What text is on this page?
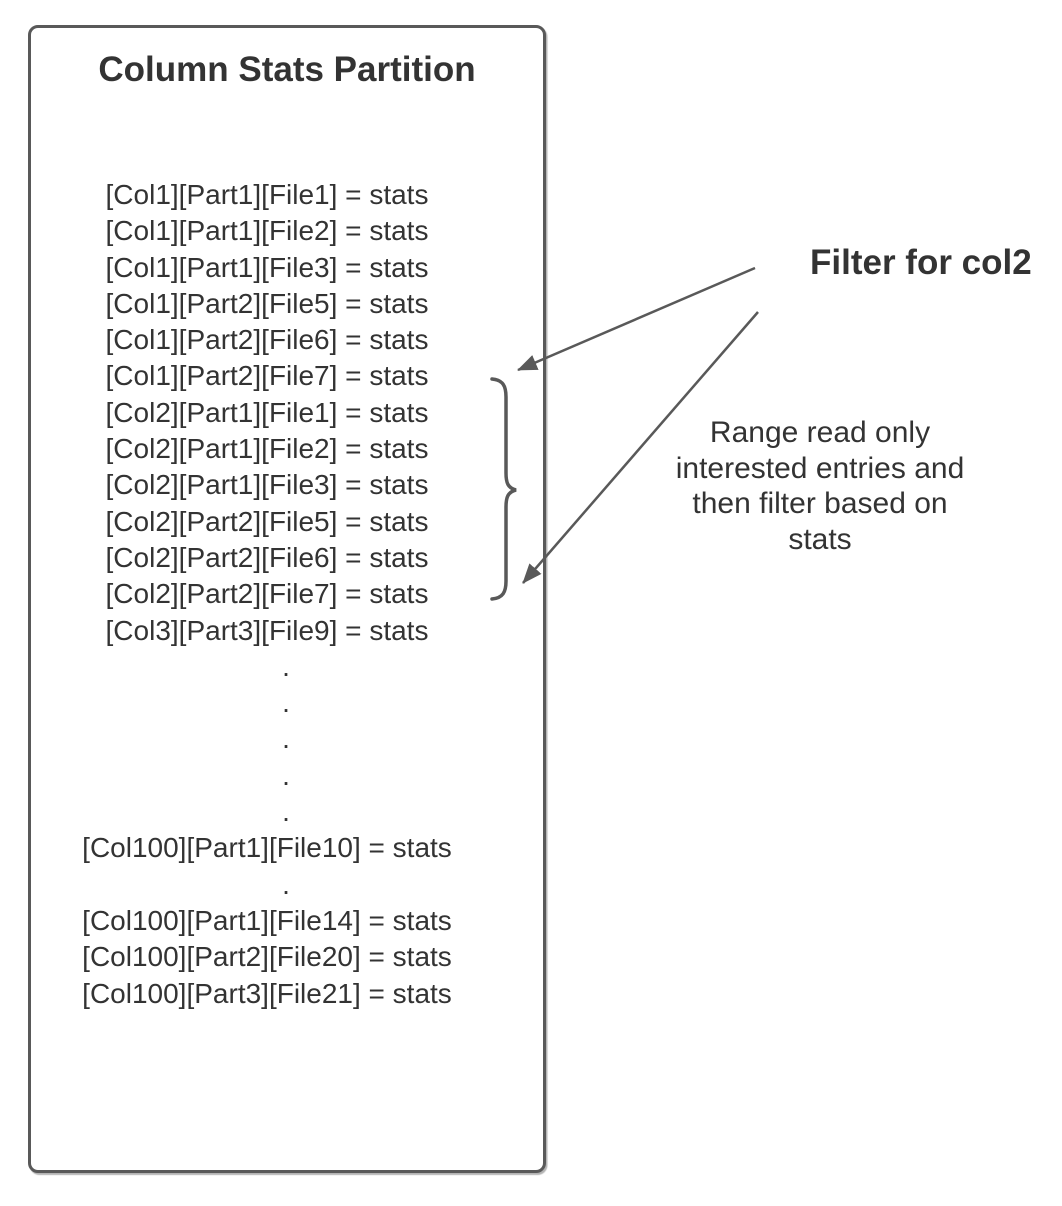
Column Stats Partition
[Col1][Part1][File1] = stats
[Col1][Part1][File2] = stats
[Col1][Part1][File3] = stats
[Col1][Part2][File5] = stats
[Col1][Part2][File6] = stats
[Col1][Part2][File7] = stats
[Col2][Part1][File1] = stats
[Col2][Part1][File2] = stats
[Col2][Part1][File3] = stats
[Col2][Part2][File5] = stats
[Col2][Part2][File6] = stats
[Col2][Part2][File7] = stats
[Col3][Part3][File9] = stats
.
.
.
.
.
[Col100][Part1][File10] = stats
.
[Col100][Part1][File14] = stats
[Col100][Part2][File20] = stats
[Col100][Part3][File21] = stats
Filter for col2
Range read only
interested entries and
then filter based on
stats
